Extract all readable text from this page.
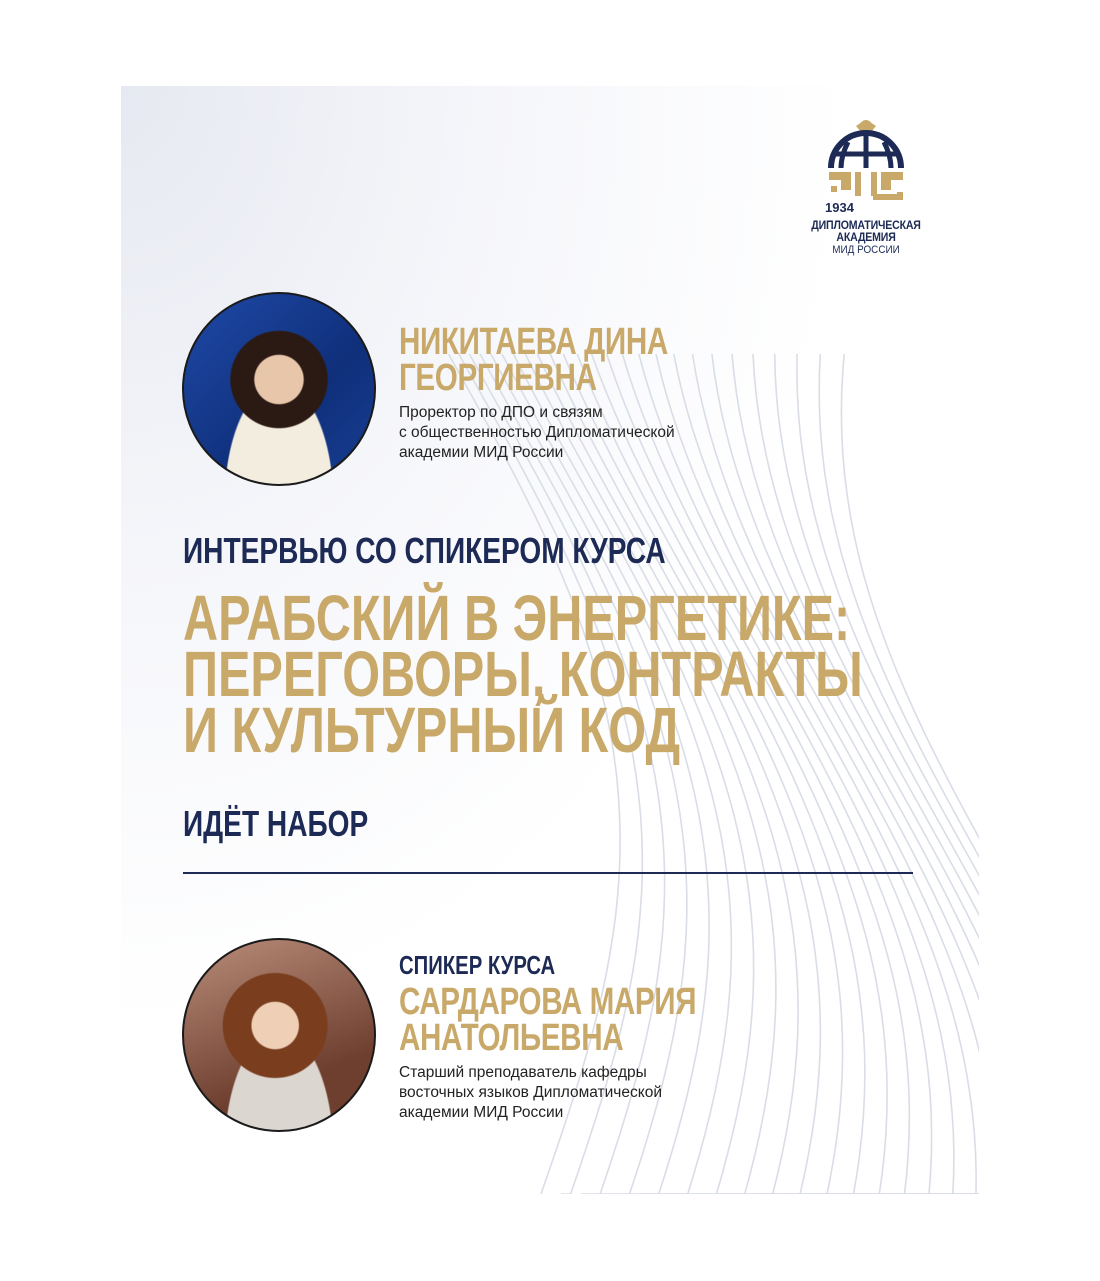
1934
ДИПЛОМАТИЧЕСКАЯ АКАДЕМИЯ
МИД РОССИИ
НИКИТАЕВА ДИНА
ГЕОРГИЕВНА
Проректор по ДПО и связям
с общественностью Дипломатической
академии МИД России
ИНТЕРВЬЮ СО СПИКЕРОМ КУРСА
АРАБСКИЙ В ЭНЕРГЕТИКЕ:
ПЕРЕГОВОРЫ, КОНТРАКТЫ
И КУЛЬТУРНЫЙ КОД
ИДЁТ НАБОР
СПИКЕР КУРСА
САРДАРОВА МАРИЯ
АНАТОЛЬЕВНА
Старший преподаватель кафедры
восточных языков Дипломатической
академии МИД России
